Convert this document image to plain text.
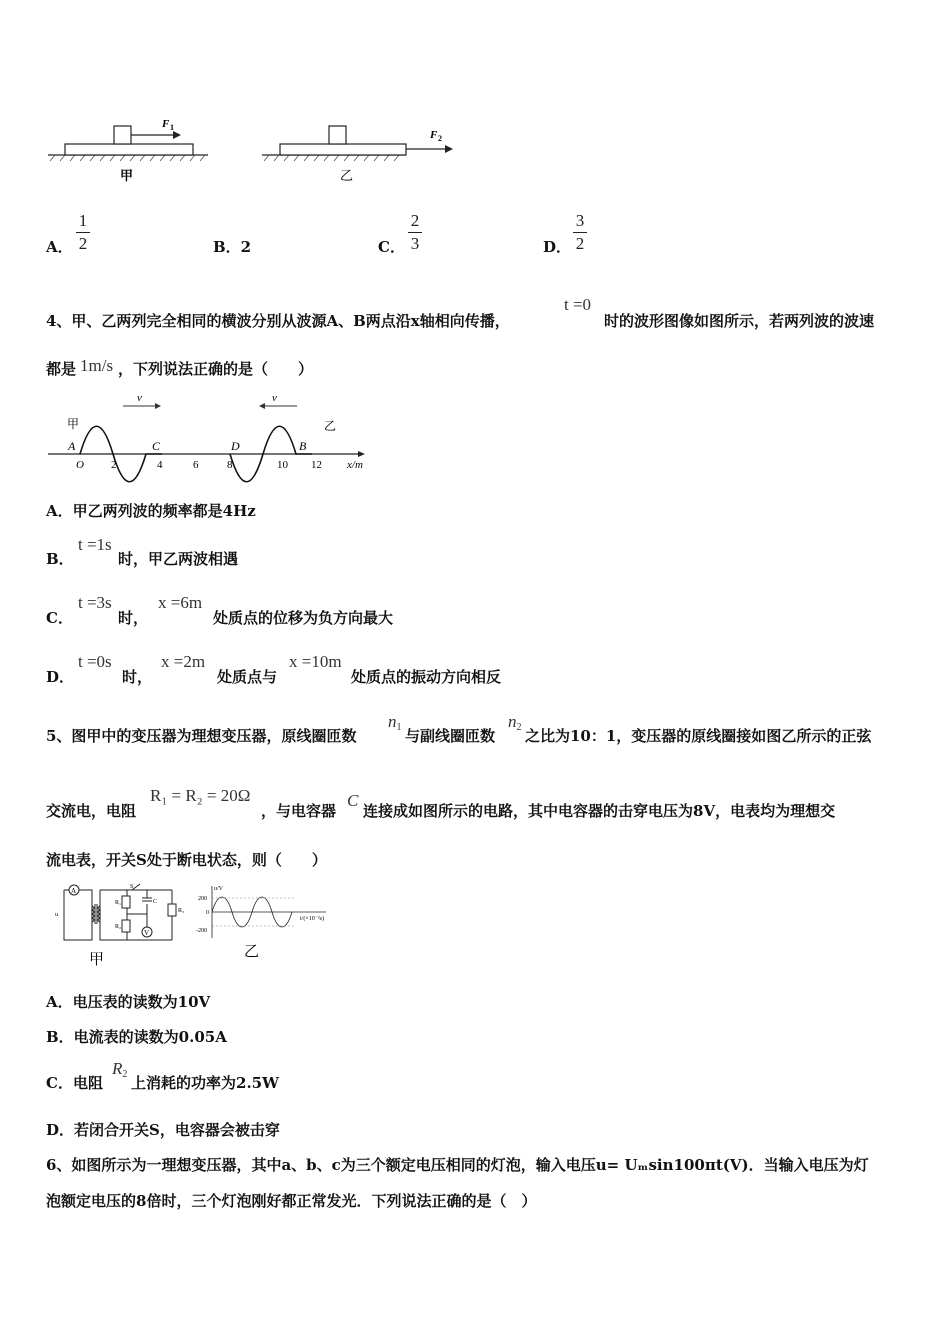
F 1
甲
F 2
乙
A．
1
2	B．2	C．
2
3	D．
3
2
4、甲、乙两列完全相同的横波分别从波源A、B两点沿x轴相向传播，
t =0
时的波形图像如图所示，若两列波的波速
都是 1m/s ，下列说法正确的是（　　）
v	v
甲	乙
x/m
A	C	D	B
O 2	4	6	8	10 12
A．甲乙两列波的频率都是4Hz
B．
t =1s
时，甲乙两波相遇
C．
t =3s
时，
x =6m
处质点的位移为负方向最大
D．
t =0s
时，
x =2m
处质点与
x =10m
处质点的振动方向相反
5、图甲中的变压器为理想变压器，原线圈匝数
$n_1$ 与副线圈匝数
$n_2$ 之比为10：1，变压器的原线圈接如图乙所示的正弦
交流电，电阻
R₁ = R₂ = 20Ω
，与电容器
C
连接成如图所示的电路，其中电容器的击穿电压为8V，电表均为理想交
流电表，开关S处于断电状态，则（　　）
A
V
u
R₁
R₂
C
R₃
S
甲
u/V
200
0
-200
t/(×10⁻²s)
乙
A．电压表的读数为10V
B．电流表的读数为0.05A
C．电阻
$R_2$ 上消耗的功率为2.5W
D．若闭合开关S，电容器会被击穿
6、如图所示为一理想变压器，其中a、b、c为三个额定电压相同的灯泡，输入电压u= Uₘsin100πt(V)．当输入电压为灯
泡额定电压的8倍时，三个灯泡刚好都正常发光．下列说法正确的是（　）
